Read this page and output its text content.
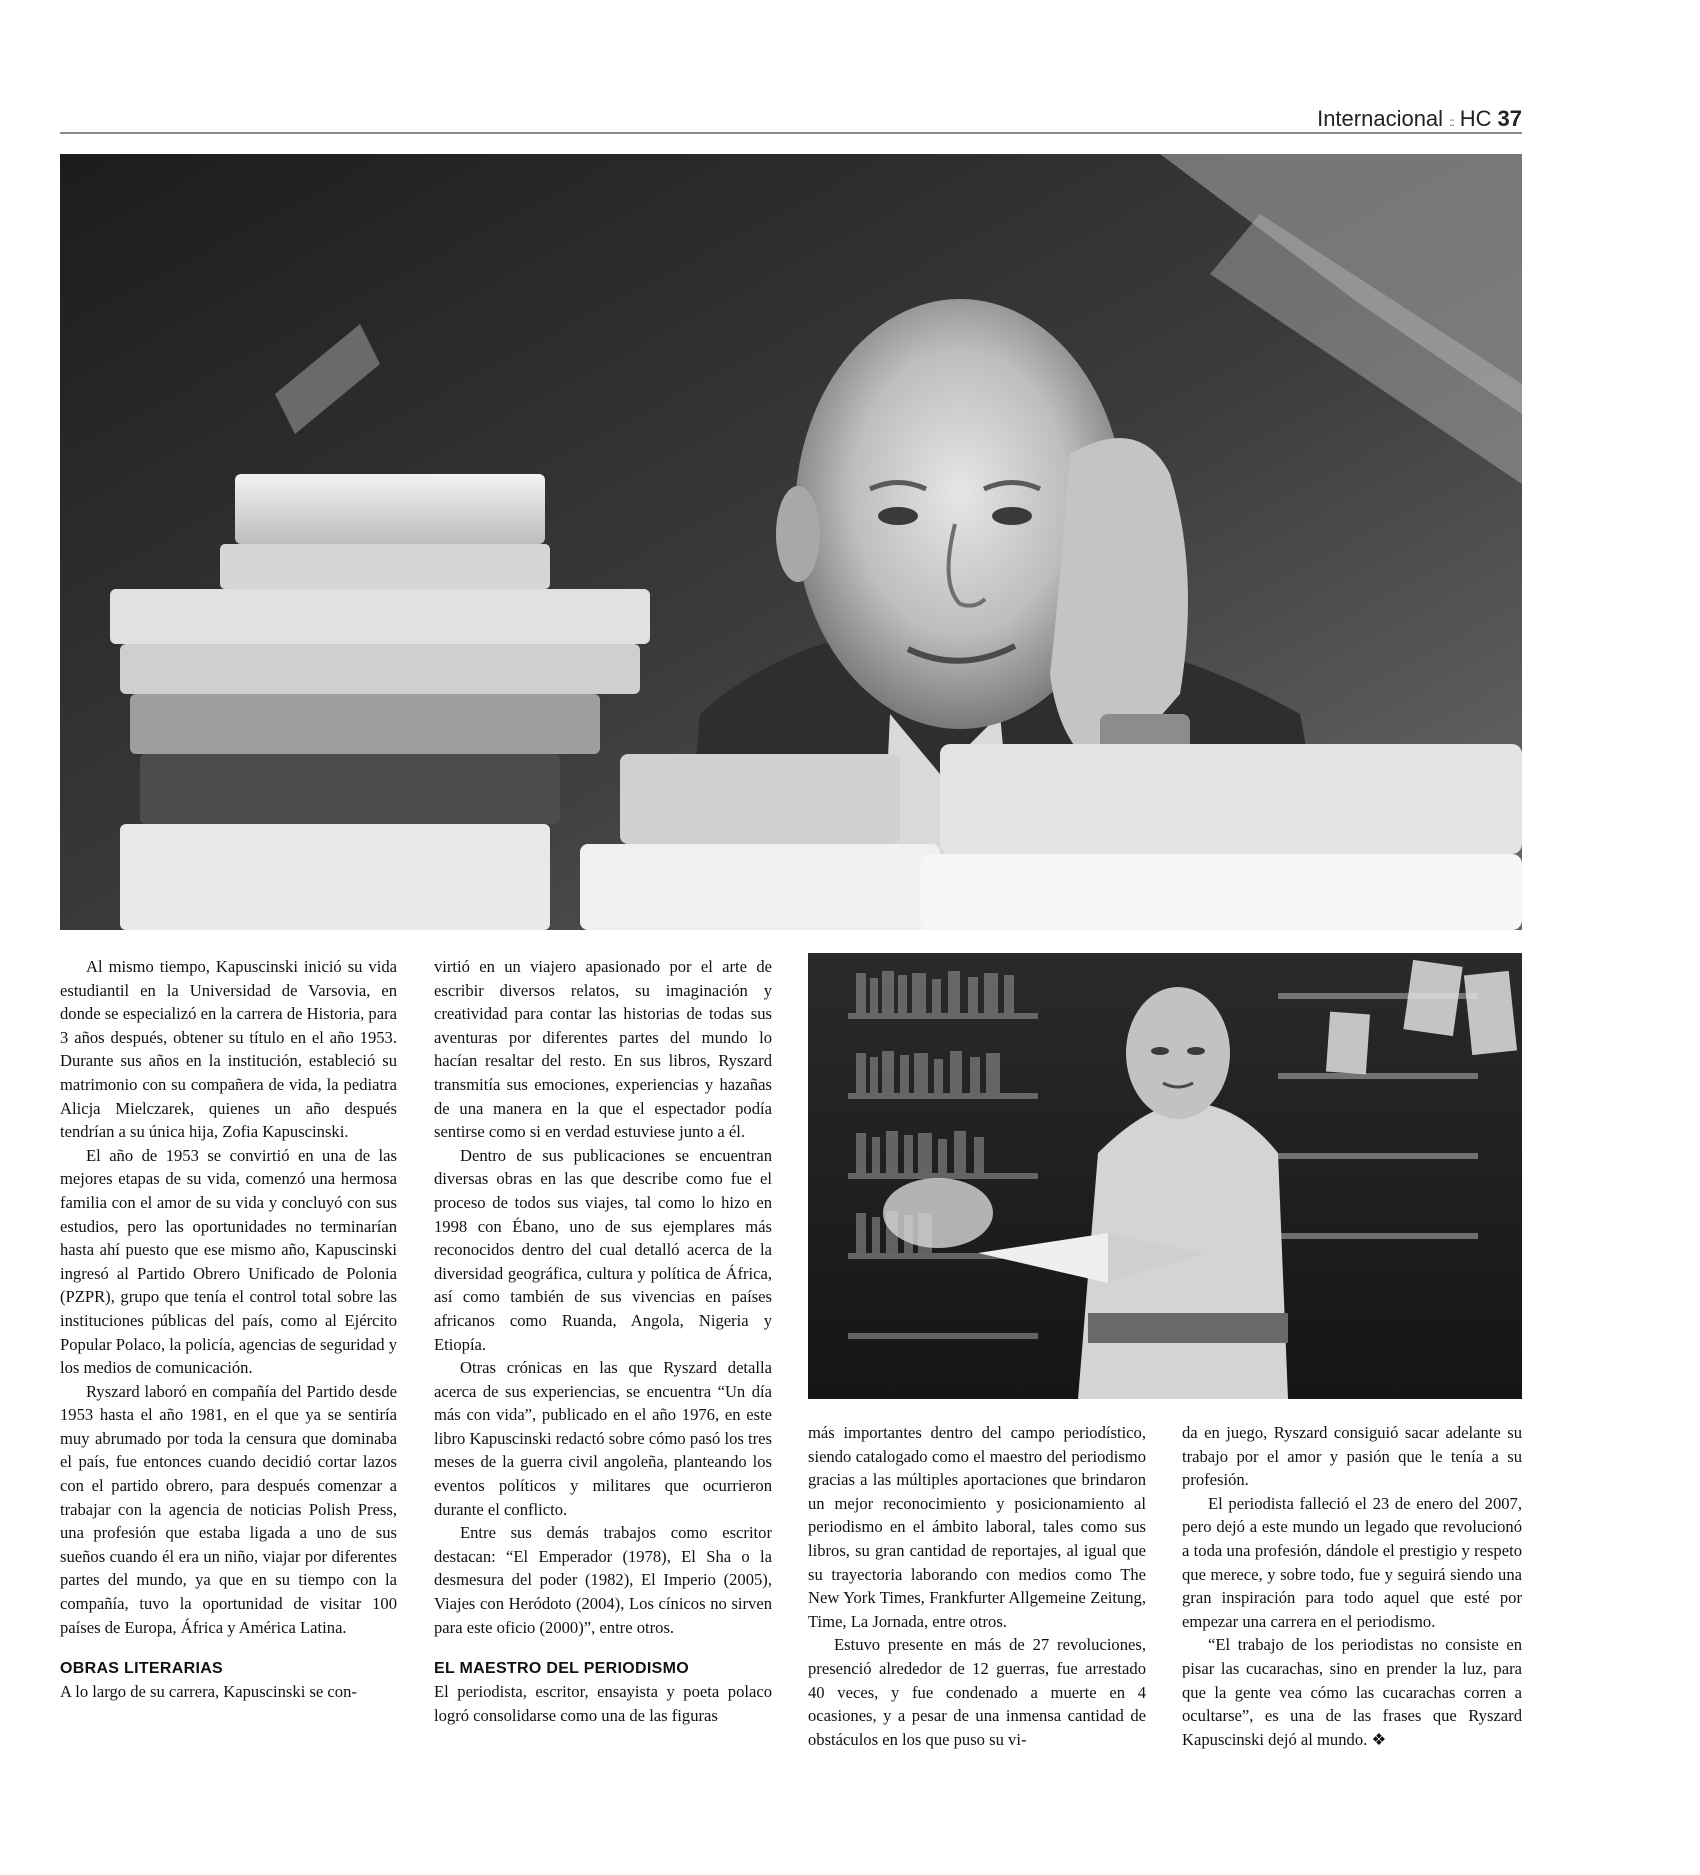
Internacional :: HC 37

Al mismo tiempo, Kapuscinski inició su vida estudiantil en la Universidad de Varsovia, en donde se especializó en la carrera de Historia, para 3 años después, obtener su título en el año 1953. Durante sus años en la institución, estableció su matrimonio con su compañera de vida, la pediatra Alicja Mielczarek, quienes un año después tendrían a su única hija, Zofia Kapuscinski.

El año de 1953 se convirtió en una de las mejores etapas de su vida, comenzó una hermosa familia con el amor de su vida y concluyó con sus estudios, pero las oportunidades no terminarían hasta ahí puesto que ese mismo año, Kapuscinski ingresó al Partido Obrero Unificado de Polonia (PZPR), grupo que tenía el control total sobre las instituciones públicas del país, como al Ejército Popular Polaco, la policía, agencias de seguridad y los medios de comunicación.

Ryszard laboró en compañía del Partido desde 1953 hasta el año 1981, en el que ya se sentiría muy abrumado por toda la censura que dominaba el país, fue entonces cuando decidió cortar lazos con el partido obrero, para después comenzar a trabajar con la agencia de noticias Polish Press, una profesión que estaba ligada a uno de sus sueños cuando él era un niño, viajar por diferentes partes del mundo, ya que en su tiempo con la compañía, tuvo la oportunidad de visitar 100 países de Europa, África y América Latina.

OBRAS LITERARIAS

A lo largo de su carrera, Kapuscinski se con-

virtió en un viajero apasionado por el arte de escribir diversos relatos, su imaginación y creatividad para contar las historias de todas sus aventuras por diferentes partes del mundo lo hacían resaltar del resto. En sus libros, Ryszard transmitía sus emociones, experiencias y hazañas de una manera en la que el espectador podía sentirse como si en verdad estuviese junto a él.

Dentro de sus publicaciones se encuentran diversas obras en las que describe como fue el proceso de todos sus viajes, tal como lo hizo en 1998 con Ébano, uno de sus ejemplares más reconocidos dentro del cual detalló acerca de la diversidad geográfica, cultura y política de África, así como también de sus vivencias en países africanos como Ruanda, Angola, Nigeria y Etiopía.

Otras crónicas en las que Ryszard detalla acerca de sus experiencias, se encuentra “Un día más con vida”, publicado en el año 1976, en este libro Kapuscinski redactó sobre cómo pasó los tres meses de la guerra civil angoleña, planteando los eventos políticos y militares que ocurrieron durante el conflicto.

Entre sus demás trabajos como escritor destacan: “El Emperador (1978), El Sha o la desmesura del poder (1982), El Imperio (2005), Viajes con Heródoto (2004), Los cínicos no sirven para este oficio (2000)”, entre otros.

EL MAESTRO DEL PERIODISMO

El periodista, escritor, ensayista y poeta polaco logró consolidarse como una de las figuras

más importantes dentro del campo periodístico, siendo catalogado como el maestro del periodismo gracias a las múltiples aportaciones que brindaron un mejor reconocimiento y posicionamiento al periodismo en el ámbito laboral, tales como sus libros, su gran cantidad de reportajes, al igual que su trayectoria laborando con medios como The New York Times, Frankfurter Allgemeine Zeitung, Time, La Jornada, entre otros.

Estuvo presente en más de 27 revoluciones, presenció alrededor de 12 guerras, fue arrestado 40 veces, y fue condenado a muerte en 4 ocasiones, y a pesar de una inmensa cantidad de obstáculos en los que puso su vi-

da en juego, Ryszard consiguió sacar adelante su trabajo por el amor y pasión que le tenía a su profesión.

El periodista falleció el 23 de enero del 2007, pero dejó a este mundo un legado que revolucionó a toda una profesión, dándole el prestigio y respeto que merece, y sobre todo, fue y seguirá siendo una gran inspiración para todo aquel que esté por empezar una carrera en el periodismo.

“El trabajo de los periodistas no consiste en pisar las cucarachas, sino en prender la luz, para que la gente vea cómo las cucarachas corren a ocultarse”, es una de las frases que Ryszard Kapuscinski dejó al mundo. ❖
